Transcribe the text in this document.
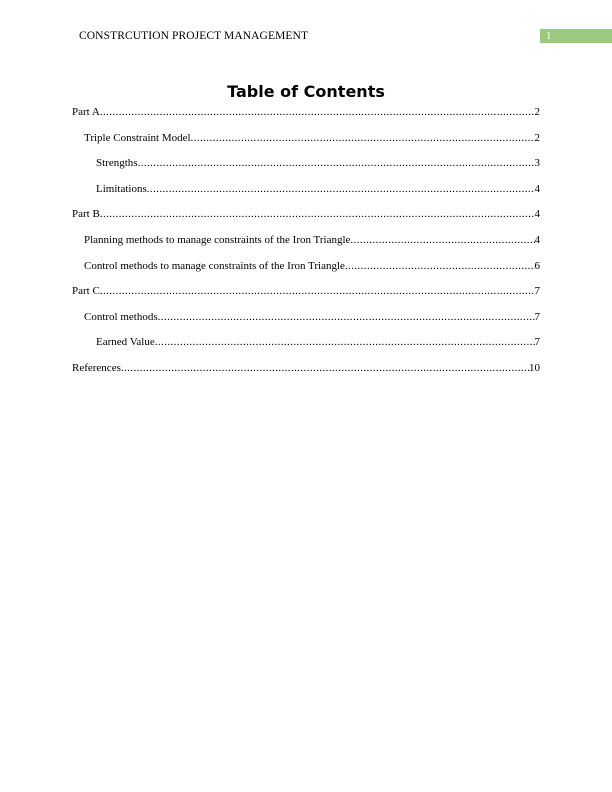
CONSTRCUTION PROJECT MANAGEMENT	1
Table of Contents
Part A .....	2
Triple Constraint Model .....	2
Strengths .....	3
Limitations .....	4
Part B .....	4
Planning methods to manage constraints of the Iron Triangle .....	4
Control methods to manage constraints of the Iron Triangle .....	6
Part C .....	7
Control methods .....	7
Earned Value .....	7
References .....	10
